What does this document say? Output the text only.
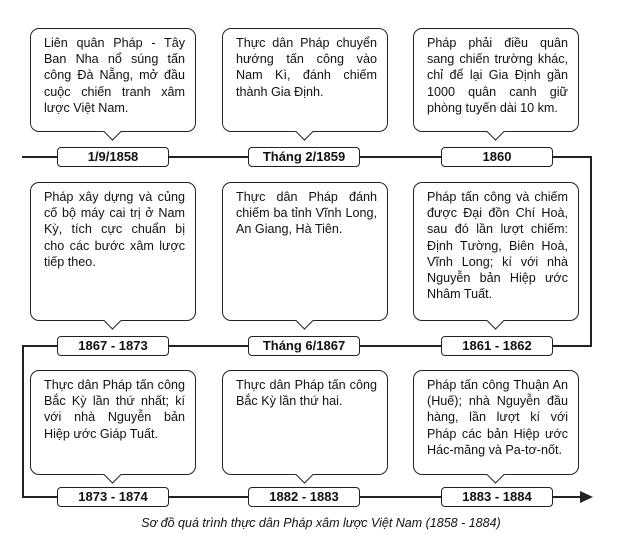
Liên quân Pháp - Tây Ban Nha nổ súng tấn công Đà Nẵng, mở đầu cuộc chiến tranh xâm lược Việt Nam.
Thực dân Pháp chuyển hướng tấn công vào Nam Kì, đánh chiếm thành Gia Định.
Pháp phải điều quân sang chiến trường khác, chỉ để lại Gia Định gần 1000 quân canh giữ phòng tuyến dài 10 km.
1/9/1858	Tháng 2/1859	1860
Pháp xây dựng và củng cố bộ máy cai trị ở Nam Kỳ, tích cực chuẩn bị cho các bước xâm lược tiếp theo.
Thực dân Pháp đánh chiếm ba tỉnh Vĩnh Long, An Giang, Hà Tiên.
Pháp tấn công và chiếm được Đại đồn Chí Hoà, sau đó lần lượt chiếm: Định Tường, Biên Hoà, Vĩnh Long; kí với nhà Nguyễn bản Hiệp ước Nhâm Tuất.
1867 - 1873	Tháng 6/1867	1861 - 1862
Thực dân Pháp tấn công Bắc Kỳ lần thứ nhất; kí với nhà Nguyễn bản Hiệp ước Giáp Tuất.
Thực dân Pháp tấn công Bắc Kỳ lần thứ hai.
Pháp tấn công Thuận An (Huế); nhà Nguyễn đầu hàng, lần lượt kí với Pháp các bản Hiệp ước Hác-măng và Pa-tơ-nốt.
1873 - 1874	1882 - 1883	1883 - 1884
Sơ đồ quá trình thực dân Pháp xâm lược Việt Nam (1858 - 1884)
